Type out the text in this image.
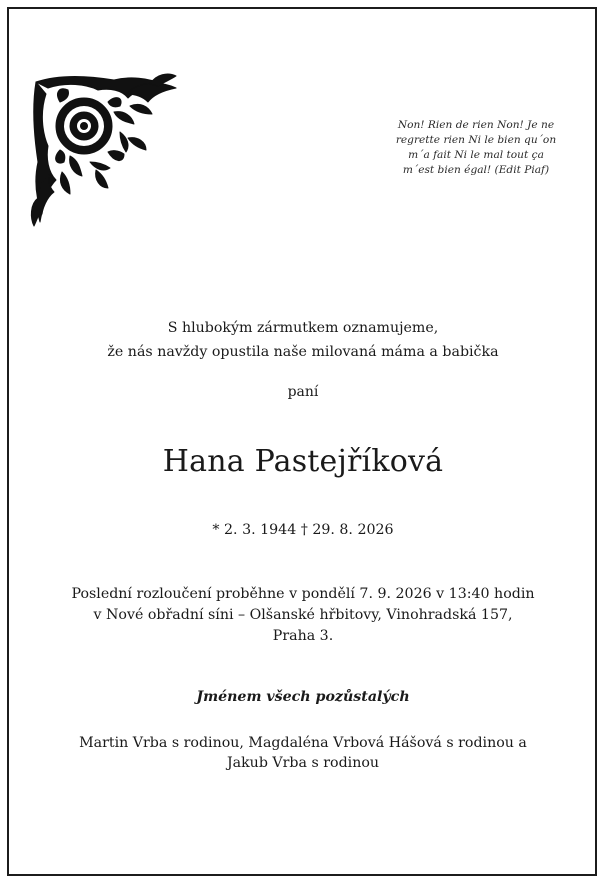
Non! Rien de rien Non! Je ne
regrette rien Ni le bien qu´on
m´a fait Ni le mal tout ça
m´est bien égal! (Edit Piaf)
S hlubokým zármutkem oznamujeme,
že nás navždy opustila naše milovaná máma a babička
paní
Hana Pastejříková
* 2. 3. 1944 † 29. 8. 2026
Poslední rozloučení proběhne v pondělí 7. 9. 2026 v 13:40 hodin
v Nové obřadní síni – Olšanské hřbitovy, Vinohradská 157,
Praha 3.
Jménem všech pozůstalých
Martin Vrba s rodinou, Magdaléna Vrbová Hášová s rodinou a
Jakub Vrba s rodinou
